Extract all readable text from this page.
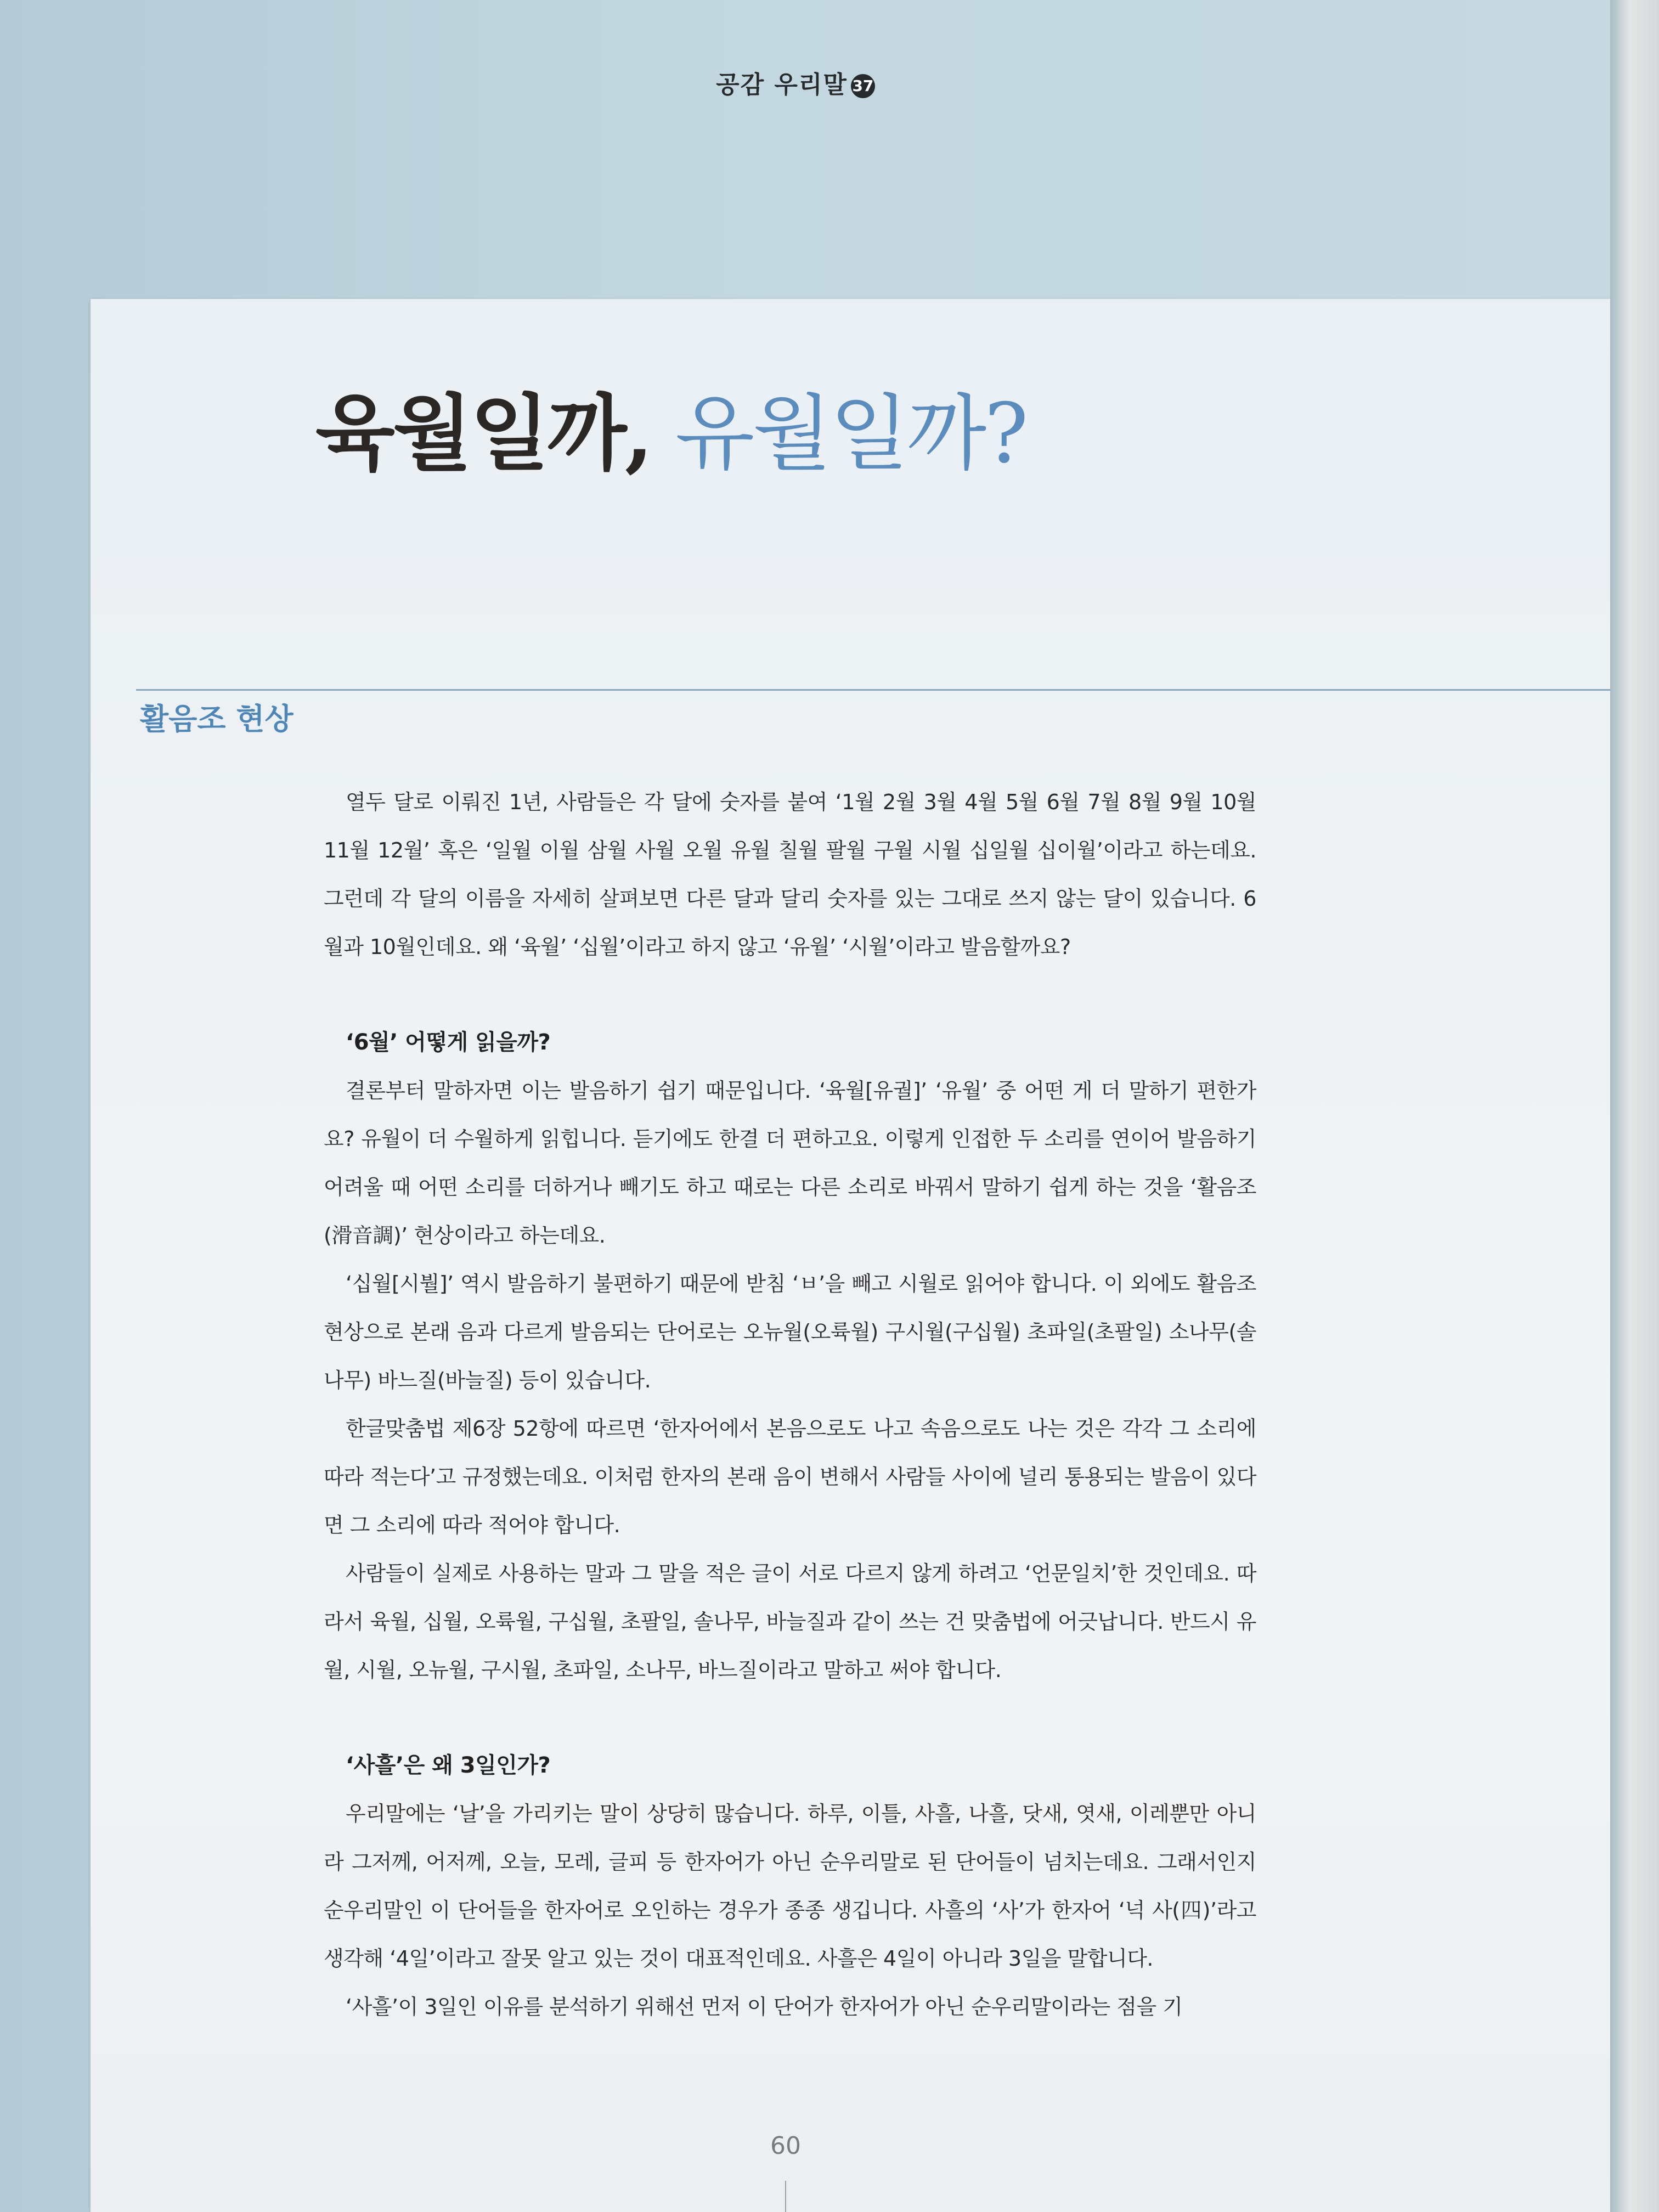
공감 우리말 37
육월일까, 유월일까?
활음조 현상

열두 달로 이뤄진 1년, 사람들은 각 달에 숫자를 붙여 ‘1월 2월 3월 4월 5월 6월 7월 8월 9월 10월 11월 12월’ 혹은 ‘일월 이월 삼월 사월 오월 유월 칠월 팔월 구월 시월 십일월 십이월’이라고 하는데요. 그런데 각 달의 이름을 자세히 살펴보면 다른 달과 달리 숫자를 있는 그대로 쓰지 않는 달이 있습니다. 6월과 10월인데요. 왜 ‘육월’ ‘십월’이라고 하지 않고 ‘유월’ ‘시월’이라고 발음할까요?

‘6월’ 어떻게 읽을까?

결론부터 말하자면 이는 발음하기 쉽기 때문입니다. ‘육월[유궐]’ ‘유월’ 중 어떤 게 더 말하기 편한가요? 유월이 더 수월하게 읽힙니다. 듣기에도 한결 더 편하고요. 이렇게 인접한 두 소리를 연이어 발음하기 어려울 때 어떤 소리를 더하거나 빼기도 하고 때로는 다른 소리로 바꿔서 말하기 쉽게 하는 것을 ‘활음조(滑音調)’ 현상이라고 하는데요.

‘십월[시붤]’ 역시 발음하기 불편하기 때문에 받침 ‘ㅂ’을 빼고 시월로 읽어야 합니다. 이 외에도 활음조 현상으로 본래 음과 다르게 발음되는 단어로는 오뉴월(오륙월) 구시월(구십월) 초파일(초팔일) 소나무(솔나무) 바느질(바늘질) 등이 있습니다.

한글맞춤법 제6장 52항에 따르면 ‘한자어에서 본음으로도 나고 속음으로도 나는 것은 각각 그 소리에 따라 적는다’고 규정했는데요. 이처럼 한자의 본래 음이 변해서 사람들 사이에 널리 통용되는 발음이 있다면 그 소리에 따라 적어야 합니다.

사람들이 실제로 사용하는 말과 그 말을 적은 글이 서로 다르지 않게 하려고 ‘언문일치’한 것인데요. 따라서 육월, 십월, 오륙월, 구십월, 초팔일, 솔나무, 바늘질과 같이 쓰는 건 맞춤법에 어긋납니다. 반드시 유월, 시월, 오뉴월, 구시월, 초파일, 소나무, 바느질이라고 말하고 써야 합니다.

‘사흘’은 왜 3일인가?

우리말에는 ‘날’을 가리키는 말이 상당히 많습니다. 하루, 이틀, 사흘, 나흘, 닷새, 엿새, 이레뿐만 아니라 그저께, 어저께, 오늘, 모레, 글피 등 한자어가 아닌 순우리말로 된 단어들이 넘치는데요. 그래서인지 순우리말인 이 단어들을 한자어로 오인하는 경우가 종종 생깁니다. 사흘의 ‘사’가 한자어 ‘넉 사(四)’라고 생각해 ‘4일’이라고 잘못 알고 있는 것이 대표적인데요. 사흘은 4일이 아니라 3일을 말합니다.

‘사흘’이 3일인 이유를 분석하기 위해선 먼저 이 단어가 한자어가 아닌 순우리말이라는 점을 기

60
